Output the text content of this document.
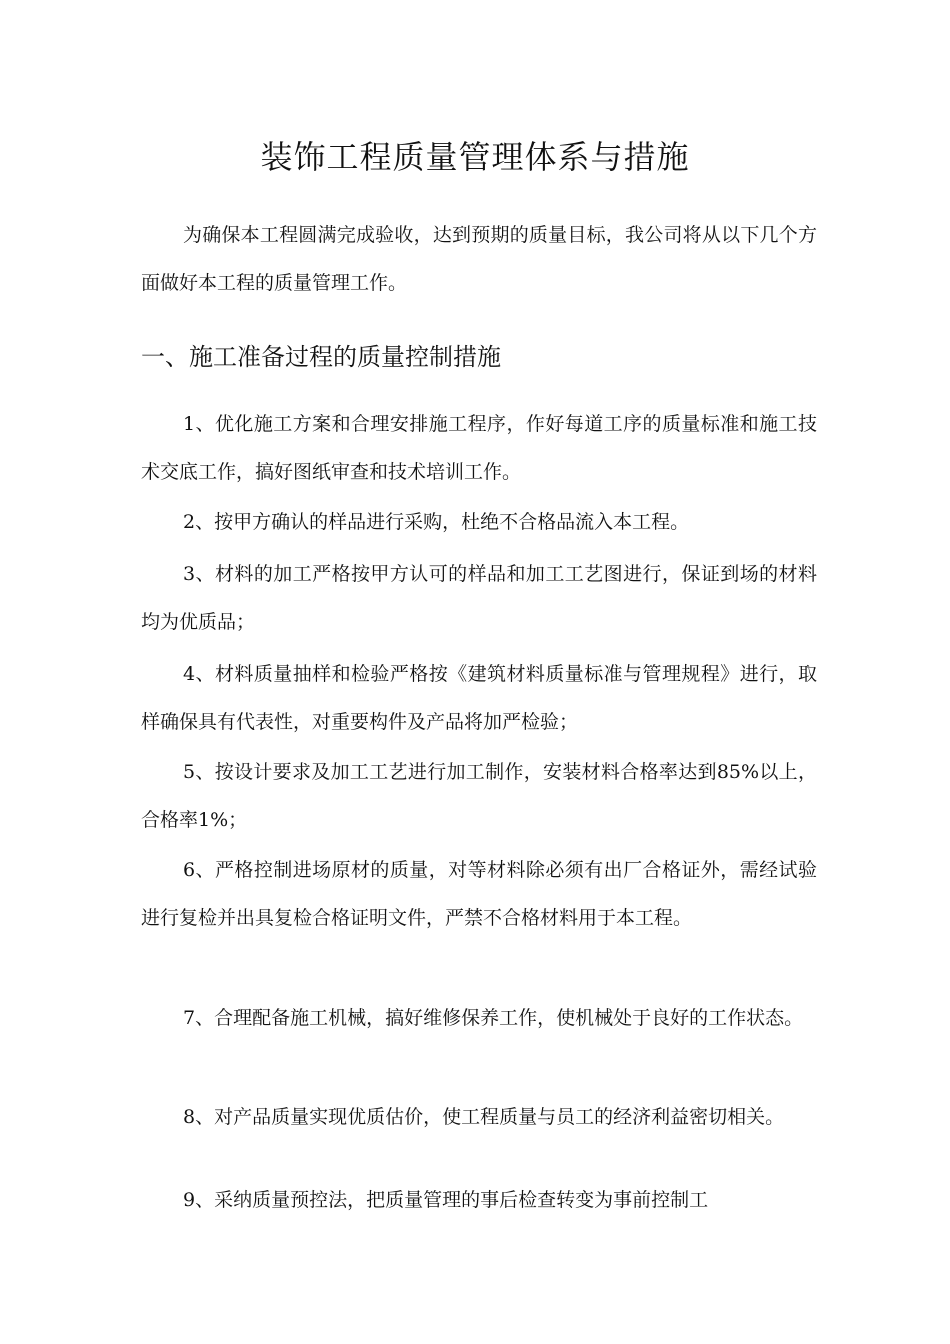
装饰工程质量管理体系与措施

为确保本工程圆满完成验收，达到预期的质量目标，我公司将从以下几个方面做好本工程的质量管理工作。

一、施工准备过程的质量控制措施

1、优化施工方案和合理安排施工程序，作好每道工序的质量标准和施工技术交底工作，搞好图纸审查和技术培训工作。

2、按甲方确认的样品进行采购，杜绝不合格品流入本工程。

3、材料的加工严格按甲方认可的样品和加工工艺图进行，保证到场的材料均为优质品；

4、材料质量抽样和检验严格按《建筑材料质量标准与管理规程》进行，取样确保具有代表性，对重要构件及产品将加严检验；

5、按设计要求及加工工艺进行加工制作，安装材料合格率达到85%以上，合格率1%；

6、严格控制进场原材的质量，对等材料除必须有出厂合格证外，需经试验进行复检并出具复检合格证明文件，严禁不合格材料用于本工程。

7、合理配备施工机械，搞好维修保养工作，使机械处于良好的工作状态。

8、对产品质量实现优质估价，使工程质量与员工的经济利益密切相关。

9、采纳质量预控法，把质量管理的事后检查转变为事前控制工
